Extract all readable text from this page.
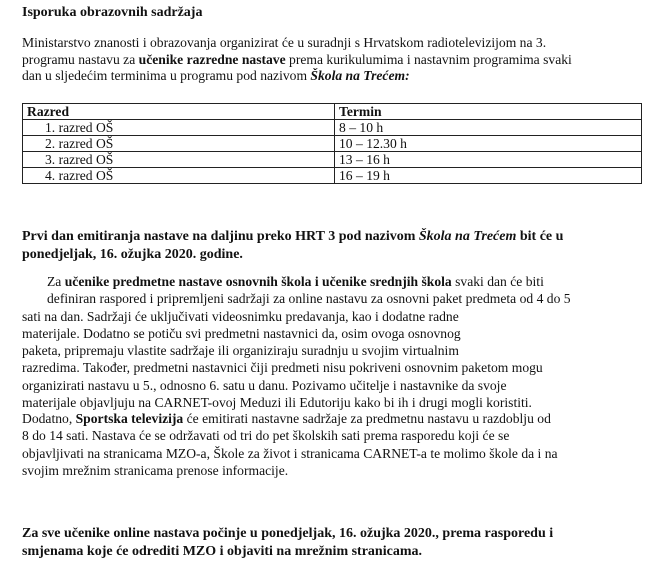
Isporuka obrazovnih sadržaja
Ministarstvo znanosti i obrazovanja organizirat će u suradnji s Hrvatskom radiotelevizijom na 3.
programu nastavu za učenike razredne nastave prema kurikulumima i nastavnim programima svaki
dan u sljedećim terminima u programu pod nazivom Škola na Trećem:
Razred	Termin
1. razred OŠ	8 – 10 h
2. razred OŠ	10 – 12.30 h
3. razred OŠ	13 – 16 h
4. razred OŠ	16 – 19 h
Prvi dan emitiranja nastave na daljinu preko HRT 3 pod nazivom Škola na Trećem bit će u
ponedjeljak, 16. ožujka 2020. godine.
Za učenike predmetne nastave osnovnih škola i učenike srednjih škola svaki dan će biti
definiran raspored i pripremljeni sadržaji za online nastavu za osnovni paket predmeta od 4 do 5
sati na dan. Sadržaji će uključivati videosnimku predavanja, kao i dodatne radne
materijale. Dodatno se potiču svi predmetni nastavnici da, osim ovoga osnovnog
paketa, pripremaju vlastite sadržaje ili organiziraju suradnju u svojim virtualnim
razredima. Također, predmetni nastavnici čiji predmeti nisu pokriveni osnovnim paketom mogu
organizirati nastavu u 5., odnosno 6. satu u danu. Pozivamo učitelje i nastavnike da svoje
materijale objavljuju na CARNET-ovoj Meduzi ili Edutoriju kako bi ih i drugi mogli koristiti.
Dodatno, Sportska televizija će emitirati nastavne sadržaje za predmetnu nastavu u razdoblju od
8 do 14 sati. Nastava će se održavati od tri do pet školskih sati prema rasporedu koji će se
objavljivati na stranicama MZO-a, Škole za život i stranicama CARNET-a te molimo škole da i na
svojim mrežnim stranicama prenose informacije.
Za sve učenike online nastava počinje u ponedjeljak, 16. ožujka 2020., prema rasporedu i
smjenama koje će odrediti MZO i objaviti na mrežnim stranicama.
